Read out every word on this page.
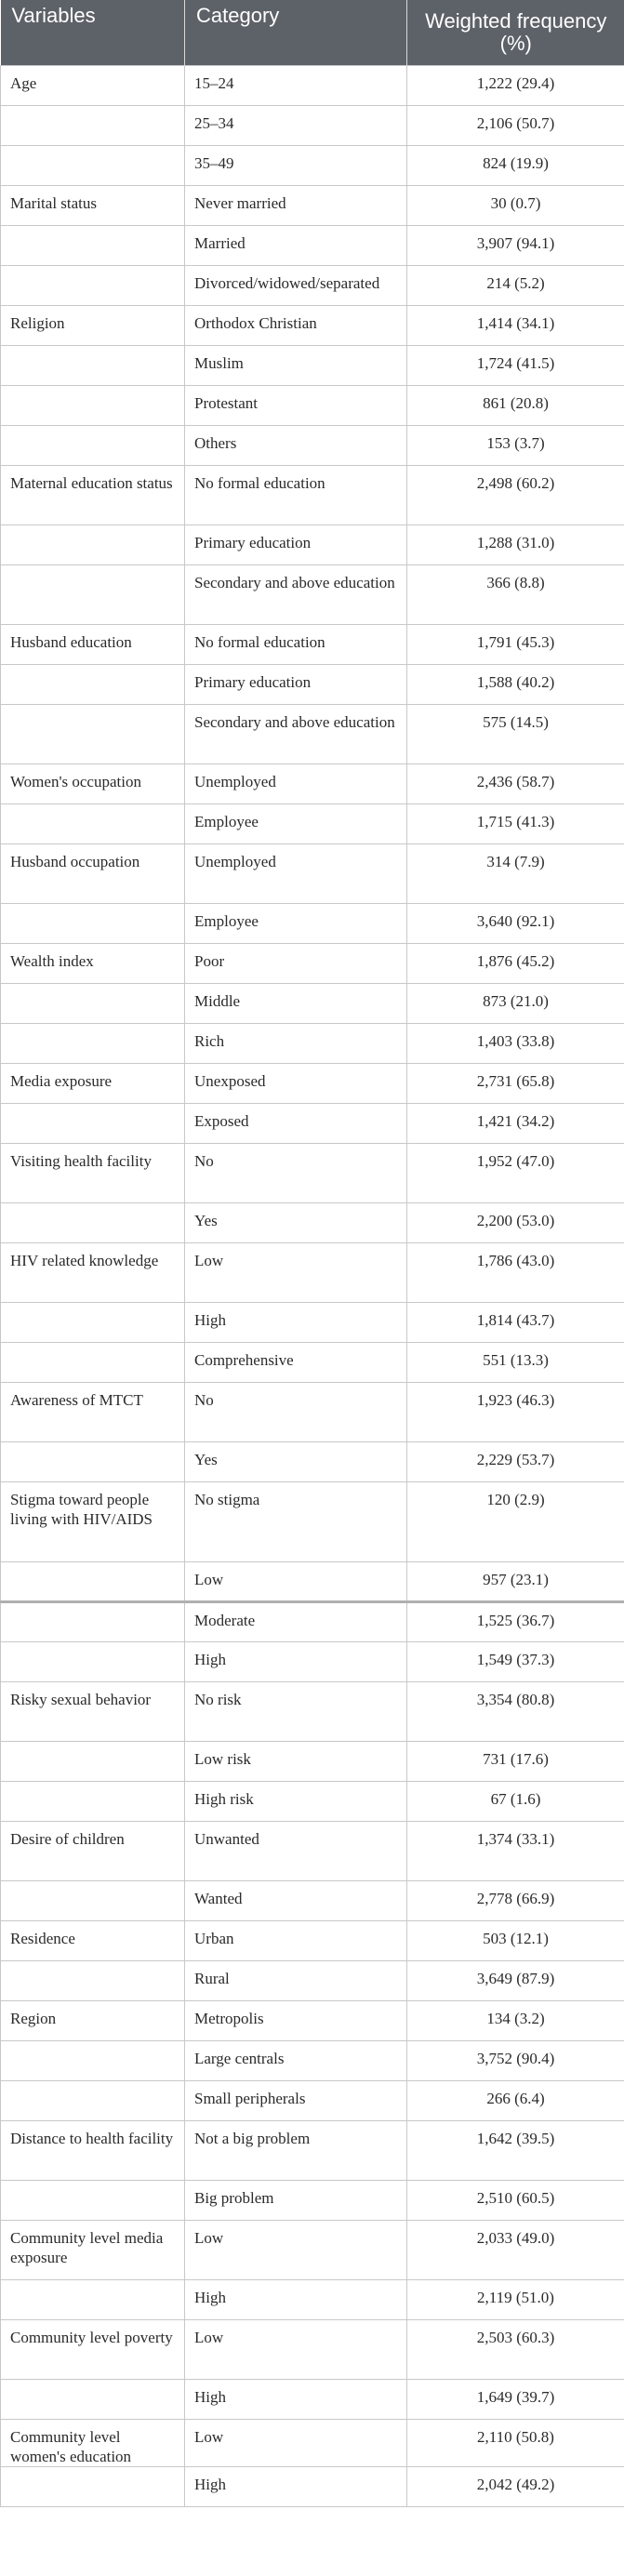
Variables	Category	Weighted frequency (%)
Age	15–24	1,222 (29.4)
	25–34	2,106 (50.7)
	35–49	824 (19.9)
Marital status	Never married	30 (0.7)
	Married	3,907 (94.1)
	Divorced/widowed/separated	214 (5.2)
Religion	Orthodox Christian	1,414 (34.1)
	Muslim	1,724 (41.5)
	Protestant	861 (20.8)
	Others	153 (3.7)
Maternal education status	No formal education	2,498 (60.2)
	Primary education	1,288 (31.0)
	Secondary and above education	366 (8.8)
Husband education	No formal education	1,791 (45.3)
	Primary education	1,588 (40.2)
	Secondary and above education	575 (14.5)
Women's occupation	Unemployed	2,436 (58.7)
	Employee	1,715 (41.3)
Husband occupation	Unemployed	314 (7.9)
	Employee	3,640 (92.1)
Wealth index	Poor	1,876 (45.2)
	Middle	873 (21.0)
	Rich	1,403 (33.8)
Media exposure	Unexposed	2,731 (65.8)
	Exposed	1,421 (34.2)
Visiting health facility	No	1,952 (47.0)
	Yes	2,200 (53.0)
HIV related knowledge	Low	1,786 (43.0)
	High	1,814 (43.7)
	Comprehensive	551 (13.3)
Awareness of MTCT	No	1,923 (46.3)
	Yes	2,229 (53.7)
Stigma toward people living with HIV/AIDS	No stigma	120 (2.9)
	Low	957 (23.1)
	Moderate	1,525 (36.7)
	High	1,549 (37.3)
Risky sexual behavior	No risk	3,354 (80.8)
	Low risk	731 (17.6)
	High risk	67 (1.6)
Desire of children	Unwanted	1,374 (33.1)
	Wanted	2,778 (66.9)
Residence	Urban	503 (12.1)
	Rural	3,649 (87.9)
Region	Metropolis	134 (3.2)
	Large centrals	3,752 (90.4)
	Small peripherals	266 (6.4)
Distance to health facility	Not a big problem	1,642 (39.5)
	Big problem	2,510 (60.5)
Community level media exposure	Low	2,033 (49.0)
	High	2,119 (51.0)
Community level poverty	Low	2,503 (60.3)
	High	1,649 (39.7)
Community level women's education	Low	2,110 (50.8)
	High	2,042 (49.2)
